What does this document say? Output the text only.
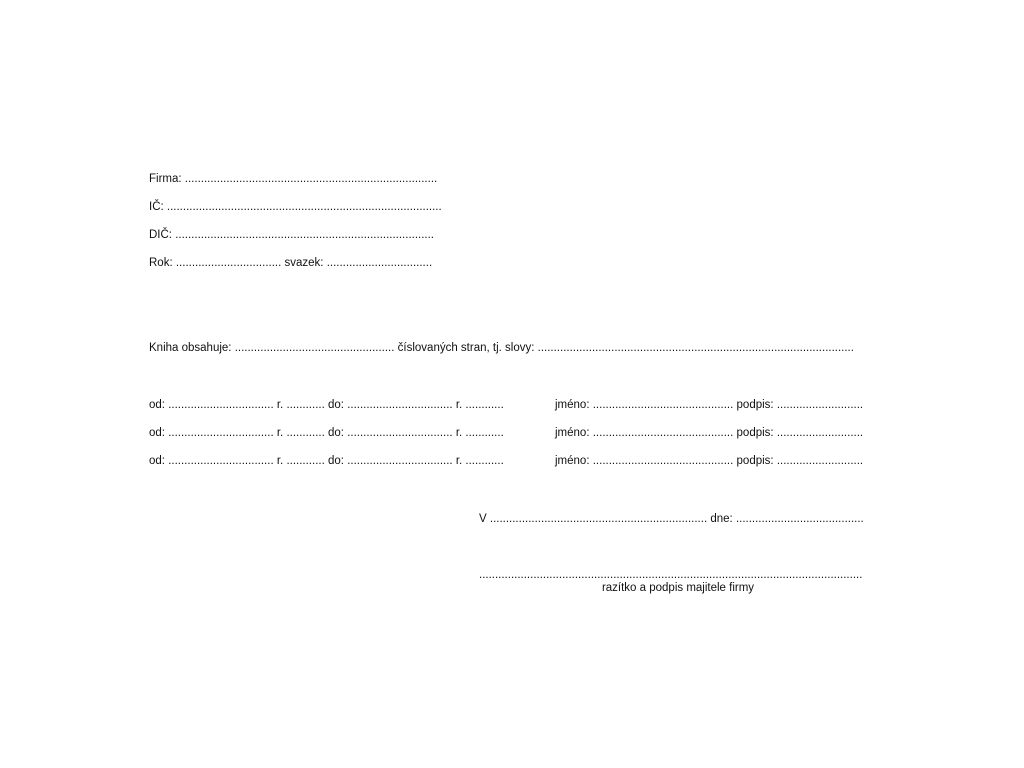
Firma: ...............................................................................
IČ: ......................................................................................
DIČ: .................................................................................
Rok: ................................. svazek: .................................
Kniha obsahuje: .................................................. číslovaných stran, tj. slovy: ...................................................................................................
od: ................................. r. ............ do: ................................. r. ............	jméno: ............................................ podpis: ...........................
od: ................................. r. ............ do: ................................. r. ............	jméno: ............................................ podpis: ...........................
od: ................................. r. ............ do: ................................. r. ............	jméno: ............................................ podpis: ...........................
V .................................................................... dne: ........................................
........................................................................................................................
razítko a podpis majitele firmy
